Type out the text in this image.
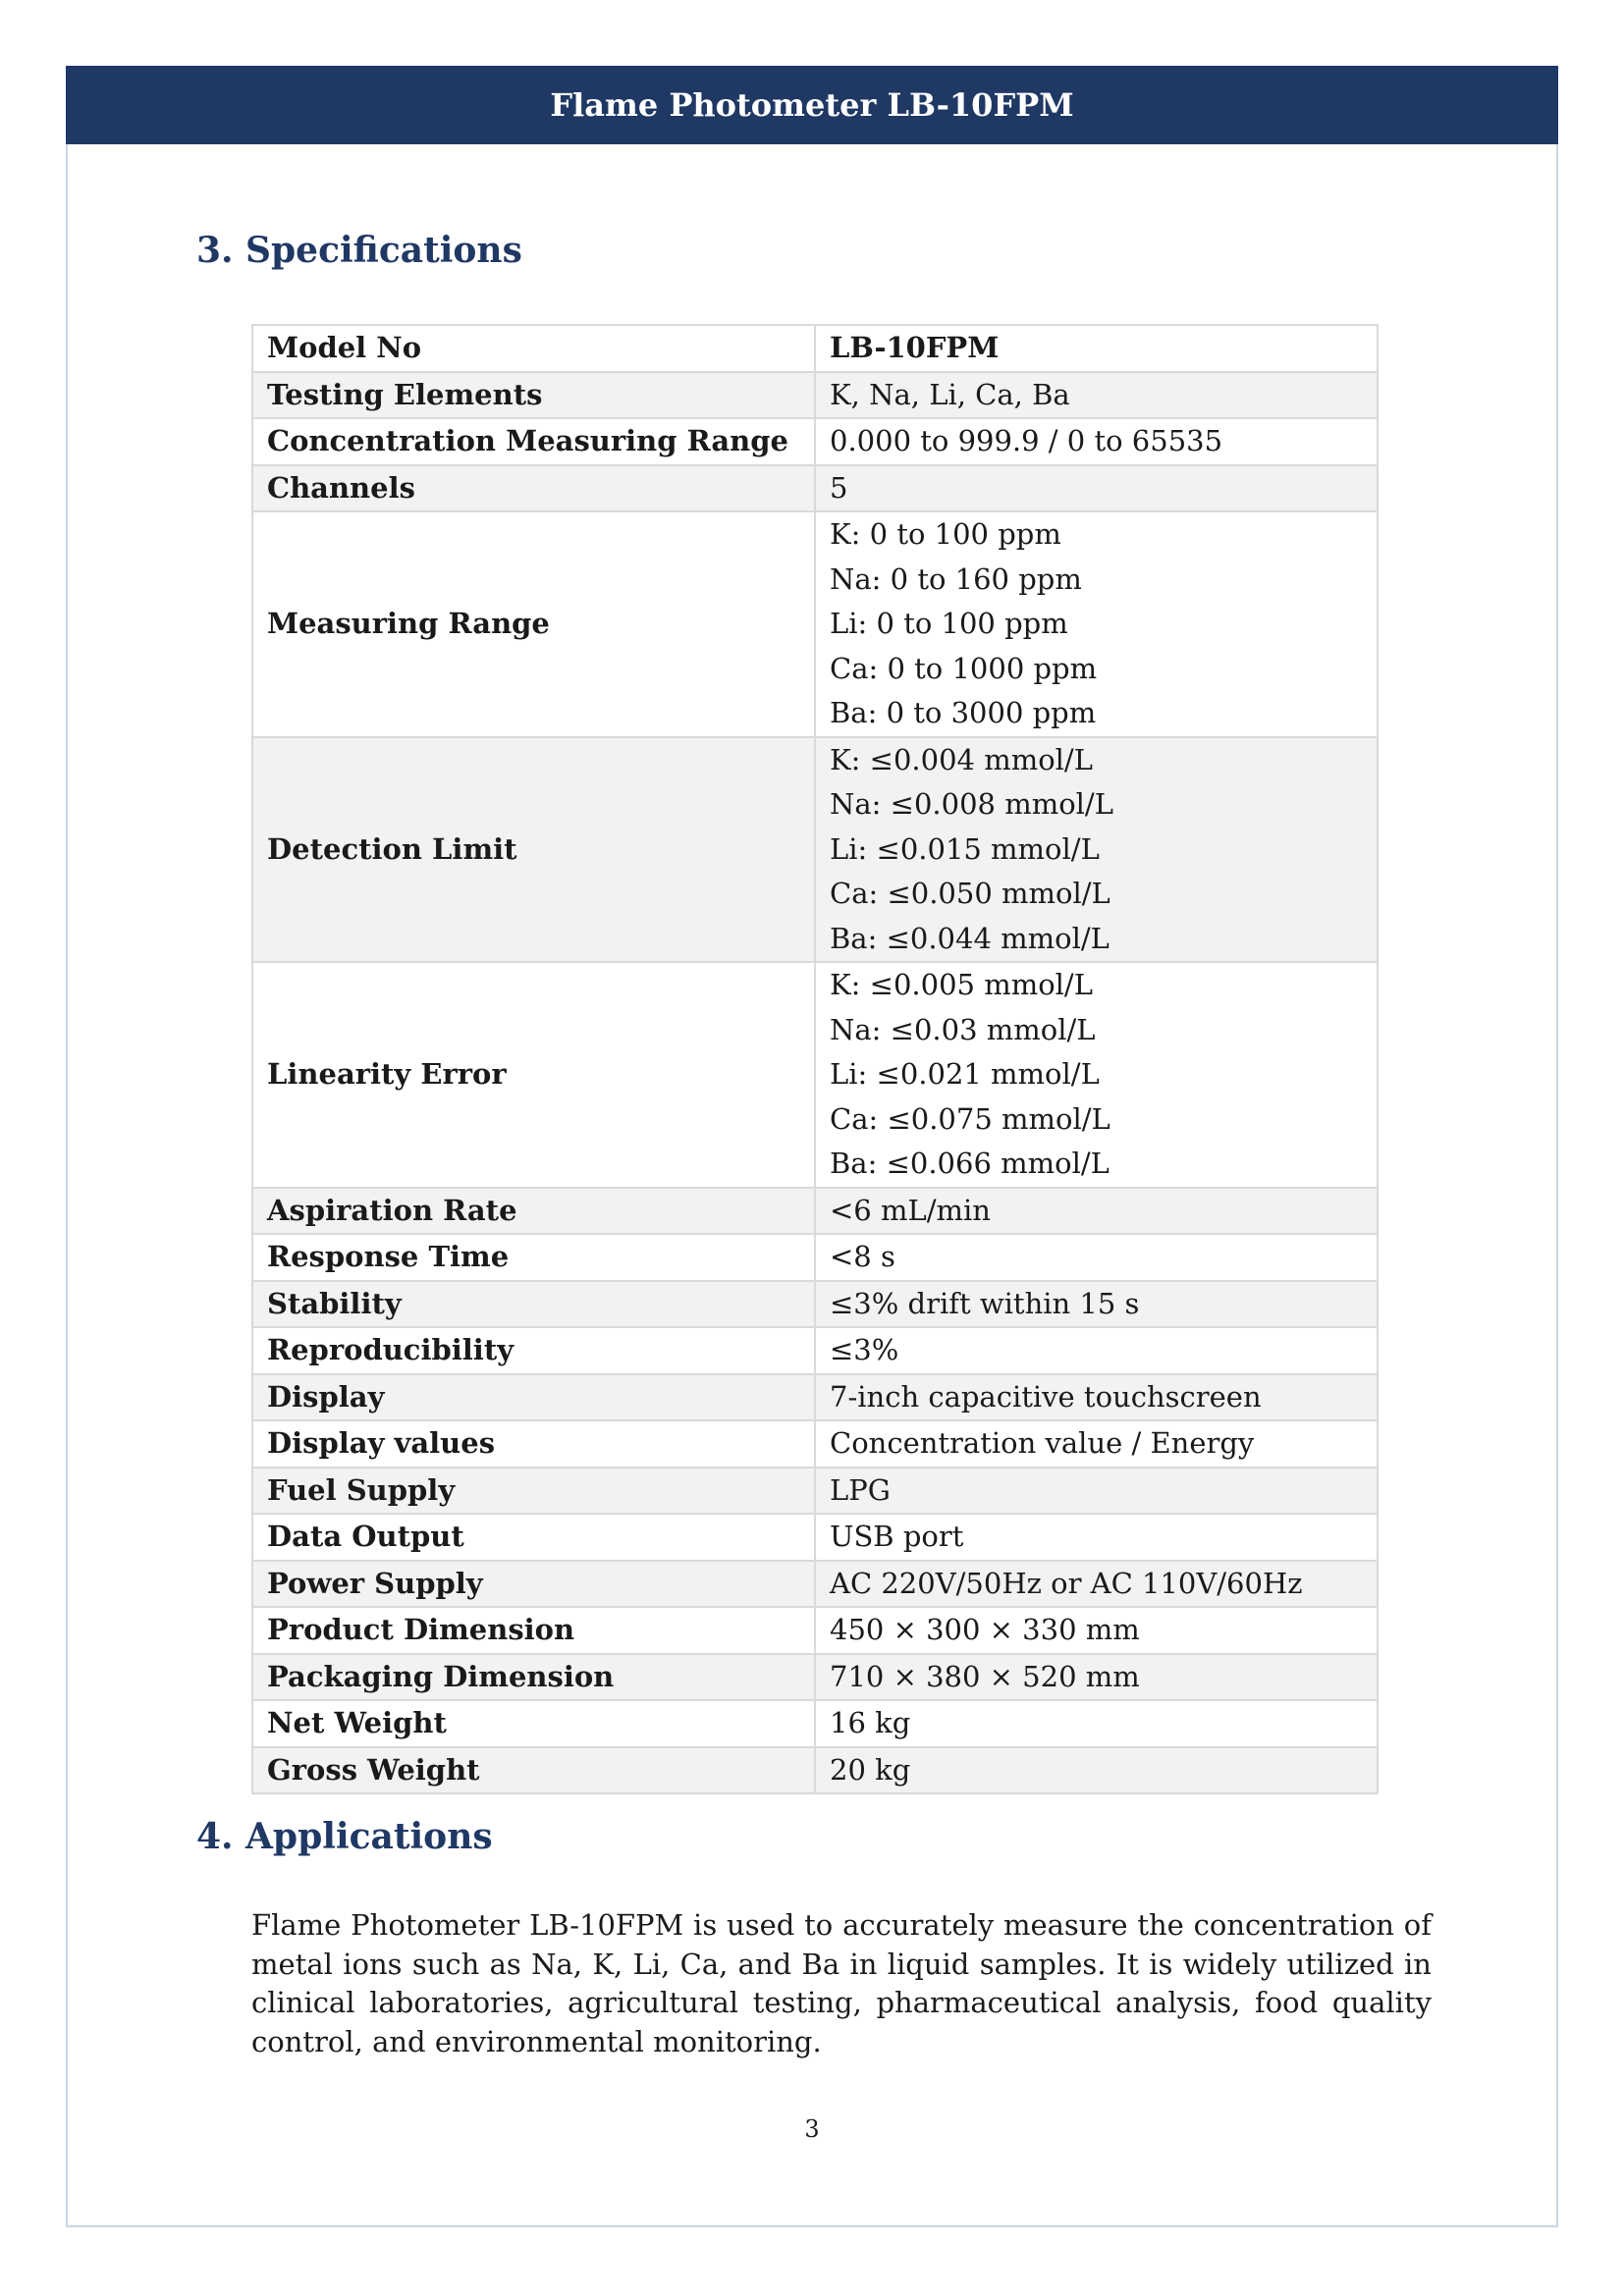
Flame Photometer LB-10FPM
3. Specifications
Model No	LB-10FPM
Testing Elements	K, Na, Li, Ca, Ba
Concentration Measuring Range	0.000 to 999.9 / 0 to 65535
Channels	5
Measuring Range	K: 0 to 100 ppm
Na: 0 to 160 ppm
Li: 0 to 100 ppm
Ca: 0 to 1000 ppm
Ba: 0 to 3000 ppm

Detection Limit	K: ≤0.004 mmol/L
Na: ≤0.008 mmol/L
Li: ≤0.015 mmol/L
Ca: ≤0.050 mmol/L
Ba: ≤0.044 mmol/L

Linearity Error	K: ≤0.005 mmol/L
Na: ≤0.03 mmol/L
Li: ≤0.021 mmol/L
Ca: ≤0.075 mmol/L
Ba: ≤0.066 mmol/L

Aspiration Rate	<6 mL/min
Response Time	<8 s
Stability	≤3% drift within 15 s
Reproducibility	≤3%
Display	7-inch capacitive touchscreen
Display values	Concentration value / Energy
Fuel Supply	LPG
Data Output	USB port
Power Supply	AC 220V/50Hz or AC 110V/60Hz
Product Dimension	450 × 300 × 330 mm
Packaging Dimension	710 × 380 × 520 mm
Net Weight	16 kg
Gross Weight	20 kg
4. Applications

Flame Photometer LB-10FPM is used to accurately measure the concentration of metal ions such as Na, K, Li, Ca, and Ba in liquid samples. It is widely utilized in clinical laboratories, agricultural testing, pharmaceutical analysis, food quality control, and environmental monitoring.

3
